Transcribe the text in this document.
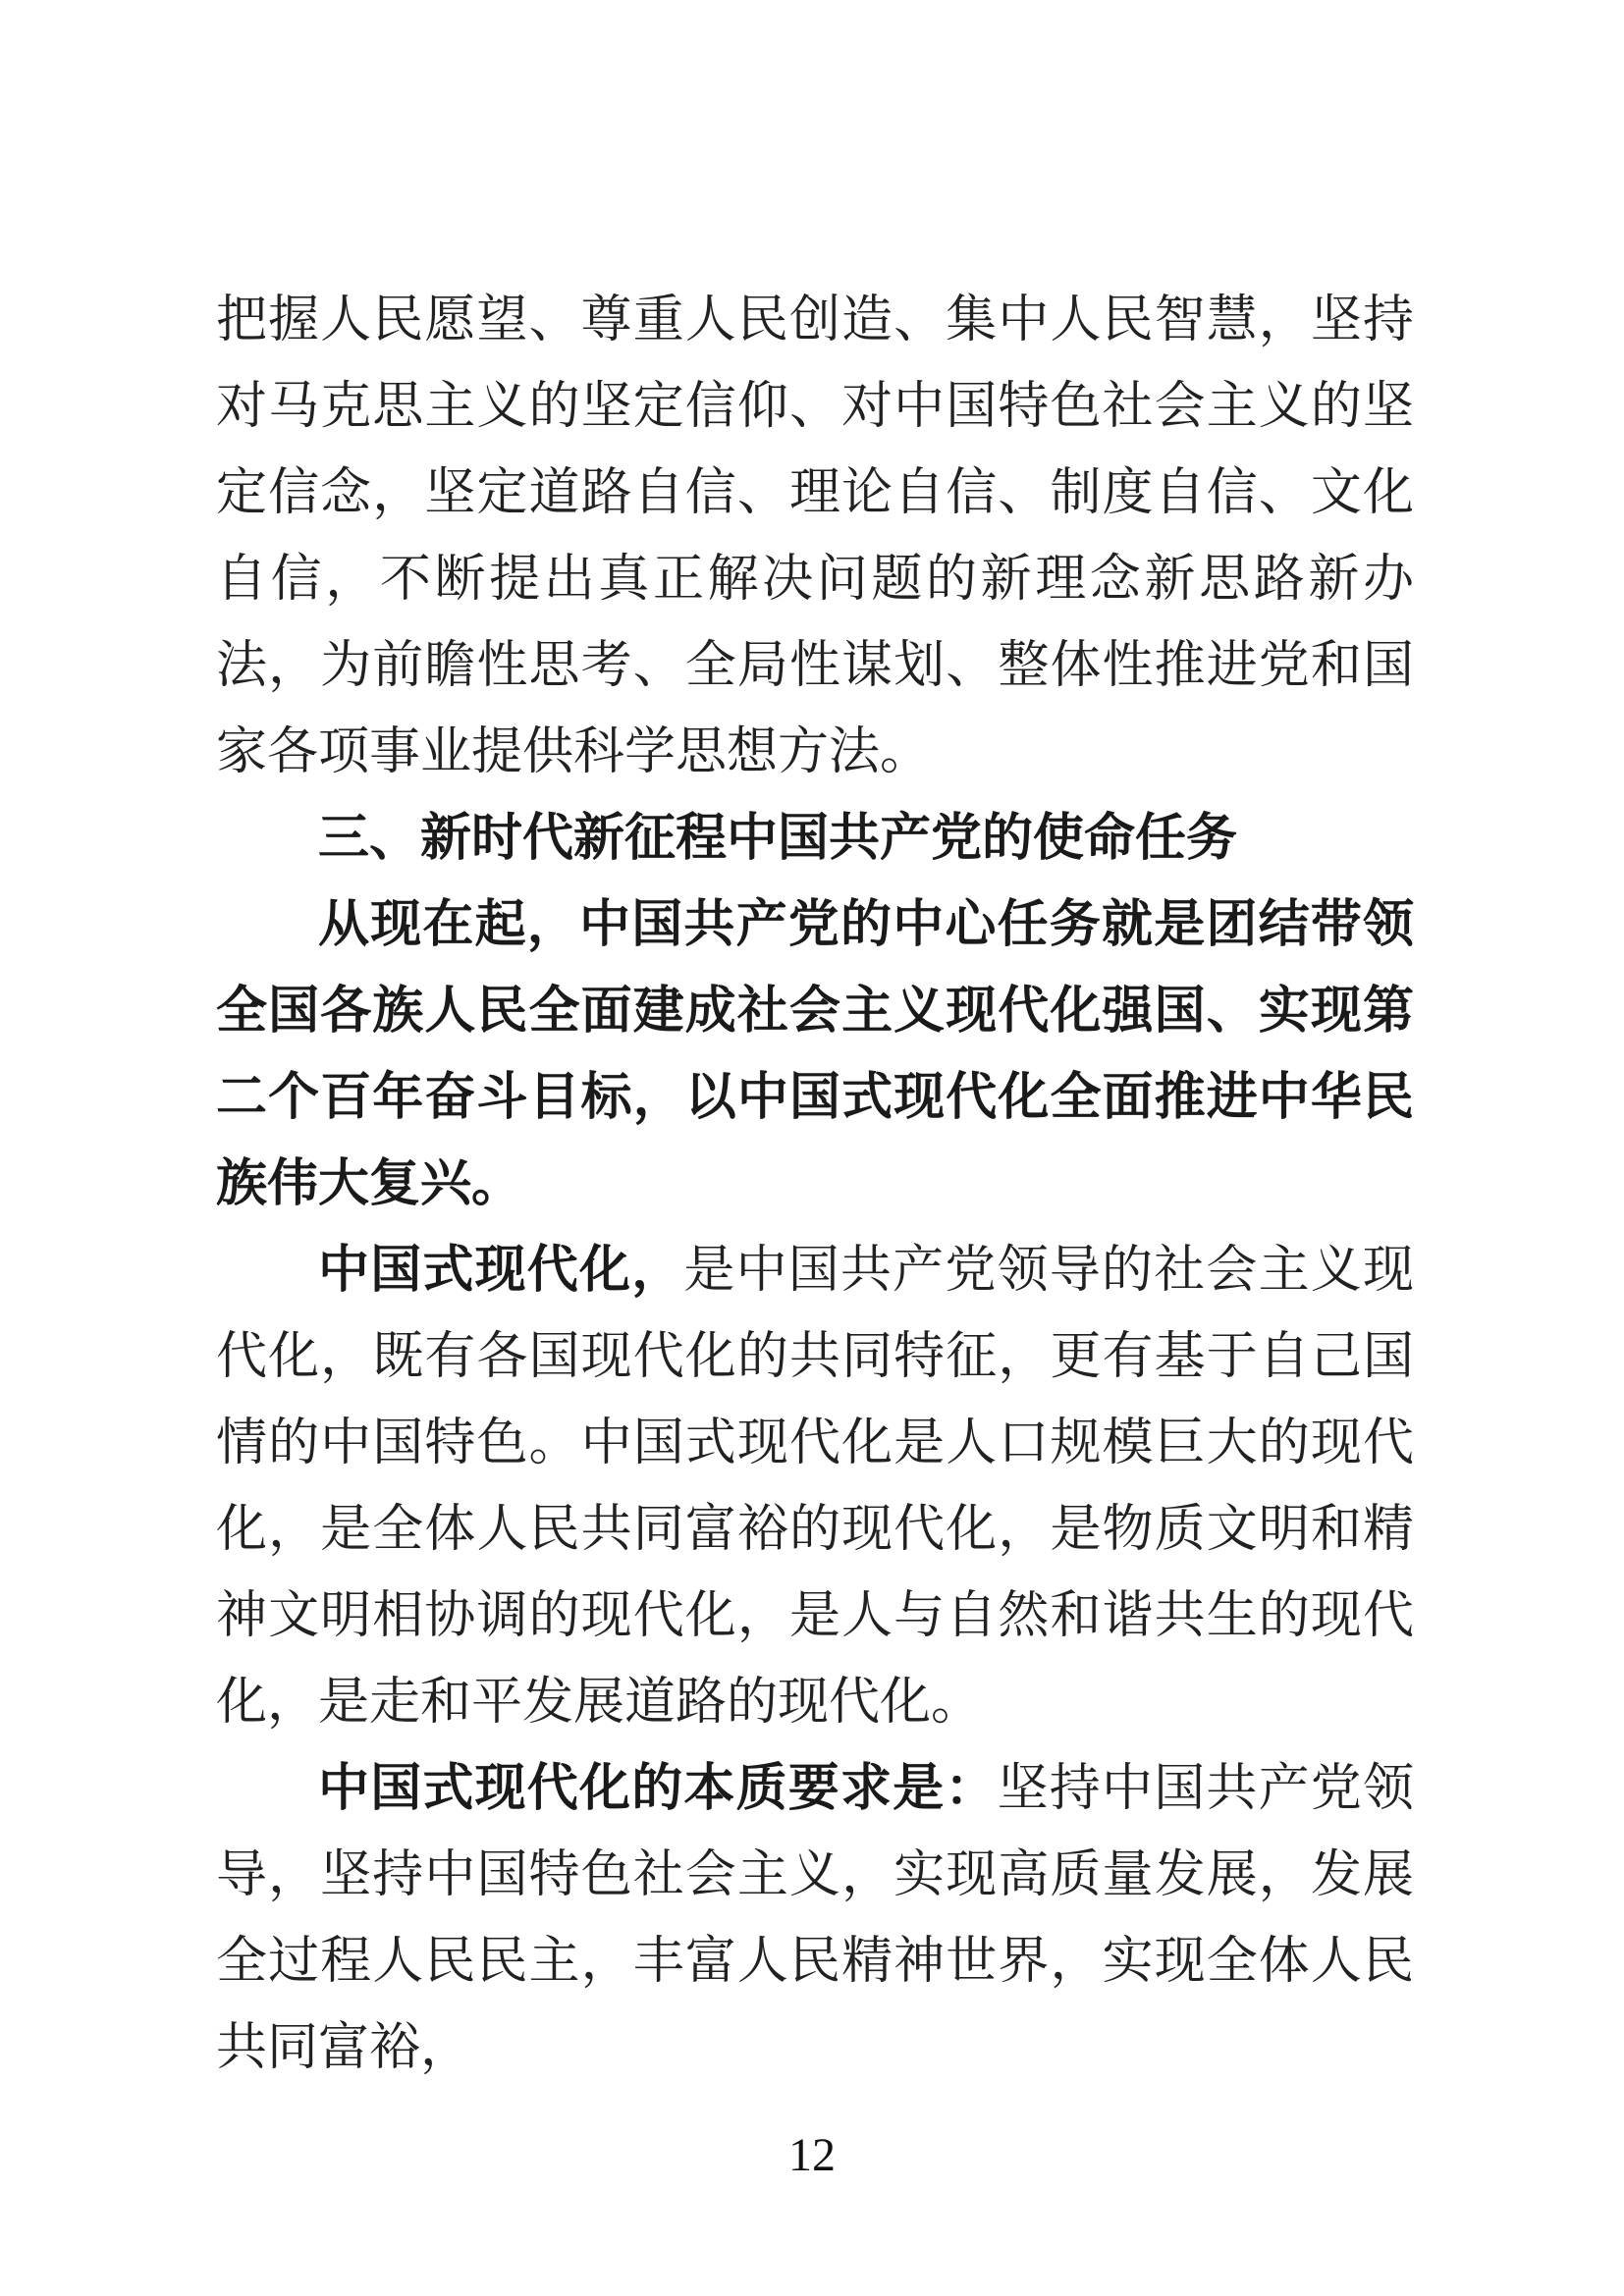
把握人民愿望、尊重人民创造、集中人民智慧，坚持对马克思主义的坚定信仰、对中国特色社会主义的坚定信念，坚定道路自信、理论自信、制度自信、文化自信，不断提出真正解决问题的新理念新思路新办法，为前瞻性思考、全局性谋划、整体性推进党和国家各项事业提供科学思想方法。

三、新时代新征程中国共产党的使命任务

从现在起，中国共产党的中心任务就是团结带领全国各族人民全面建成社会主义现代化强国、实现第二个百年奋斗目标，以中国式现代化全面推进中华民族伟大复兴。

中国式现代化，是中国共产党领导的社会主义现代化，既有各国现代化的共同特征，更有基于自己国情的中国特色。中国式现代化是人口规模巨大的现代化，是全体人民共同富裕的现代化，是物质文明和精神文明相协调的现代化，是人与自然和谐共生的现代化，是走和平发展道路的现代化。

中国式现代化的本质要求是：坚持中国共产党领导，坚持中国特色社会主义，实现高质量发展，发展全过程人民民主，丰富人民精神世界，实现全体人民共同富裕，

12
